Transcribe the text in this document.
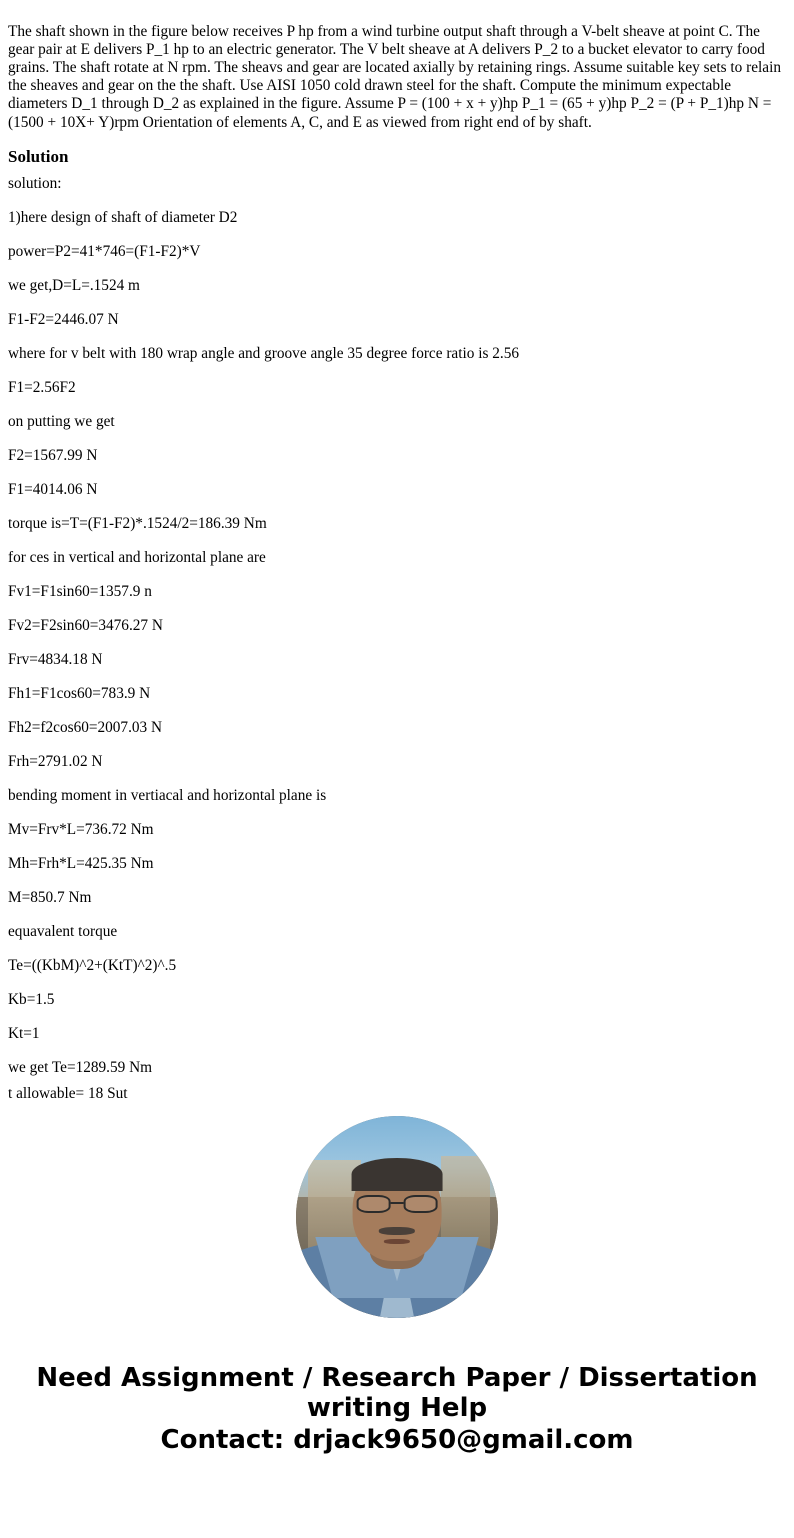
The shaft shown in the figure below receives P hp from a wind turbine output shaft through a V-belt sheave at point C. The gear pair at E delivers P_1 hp to an electric generator. The V belt sheave at A delivers P_2 to a bucket elevator to carry food grains. The shaft rotate at N rpm. The sheavs and gear are located axially by retaining rings. Assume suitable key sets to relain the sheaves and gear on the the shaft. Use AISI 1050 cold drawn steel for the shaft. Compute the minimum expectable diameters D_1 through D_2 as explained in the figure. Assume P = (100 + x + y)hp P_1 = (65 + y)hp P_2 = (P + P_1)hp N = (1500 + 10X+ Y)rpm Orientation of elements A, C, and E as viewed from right end of by shaft.

Solution
solution:
1)here design of shaft of diameter D2
power=P2=41*746=(F1-F2)*V
we get,D=L=.1524 m
F1-F2=2446.07 N
where for v belt with 180 wrap angle and groove angle 35 degree force ratio is 2.56
F1=2.56F2
on putting we get
F2=1567.99 N
F1=4014.06 N
torque is=T=(F1-F2)*.1524/2=186.39 Nm
for ces in vertical and horizontal plane are
Fv1=F1sin60=1357.9 n
Fv2=F2sin60=3476.27 N
Frv=4834.18 N
Fh1=F1cos60=783.9 N
Fh2=f2cos60=2007.03 N
Frh=2791.02 N
bending moment in vertiacal and horizontal plane is
Mv=Frv*L=736.72 Nm
Mh=Frh*L=425.35 Nm
M=850.7 Nm
equavalent torque
Te=((KbM)^2+(KtT)^2)^.5
Kb=1.5
Kt=1
we get Te=1289.59 Nm
t allowable= 18 Sut
Need Assignment / Research Paper / Dissertation
writing Help
Contact: drjack9650@gmail.com
